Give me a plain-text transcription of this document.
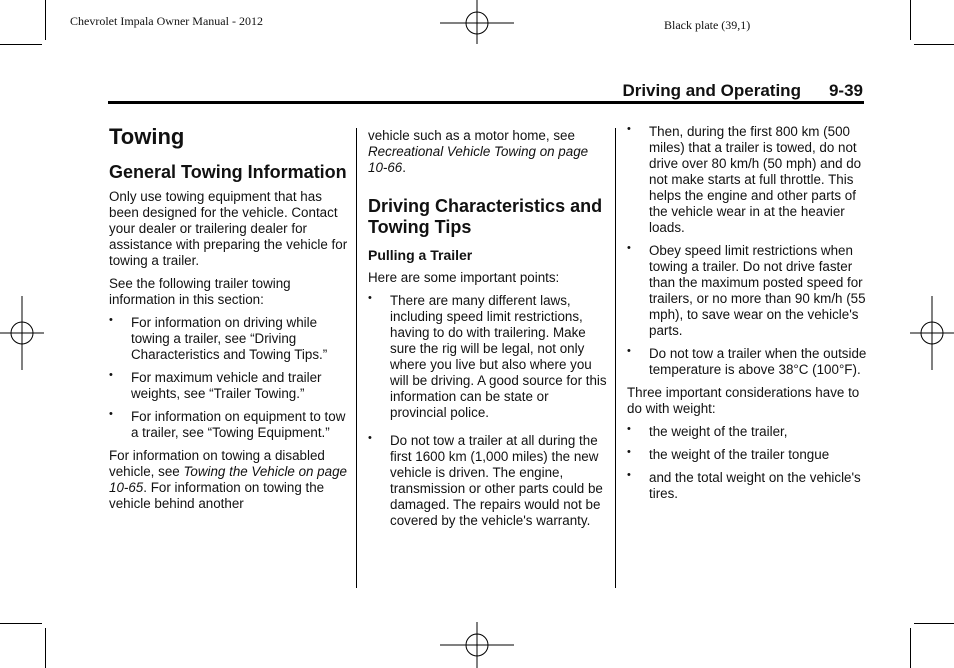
Chevrolet Impala Owner Manual - 2012	Black plate (39,1)
Driving and Operating 9-39
Towing
General Towing Information

Only use towing equipment that has been designed for the vehicle. Contact your dealer or trailering dealer for assistance with preparing the vehicle for towing a trailer.

See the following trailer towing information in this section:

• For information on driving while towing a trailer, see “Driving Characteristics and Towing Tips.”
• For maximum vehicle and trailer weights, see “Trailer Towing.”
• For information on equipment to tow a trailer, see “Towing Equipment.”

For information on towing a disabled vehicle, see Towing the Vehicle on page 10-65. For information on towing the vehicle behind another

vehicle such as a motor home, see Recreational Vehicle Towing on page 10-66.

Driving Characteristics and Towing Tips
Pulling a Trailer

Here are some important points:

• There are many different laws, including speed limit restrictions, having to do with trailering. Make sure the rig will be legal, not only where you live but also where you will be driving. A good source for this information can be state or provincial police.
• Do not tow a trailer at all during the first 1600 km (1,000 miles) the new vehicle is driven. The engine, transmission or other parts could be damaged. The repairs would not be covered by the vehicle's warranty.
• Then, during the first 800 km (500 miles) that a trailer is towed, do not drive over 80 km/h (50 mph) and do not make starts at full throttle. This helps the engine and other parts of the vehicle wear in at the heavier loads.
• Obey speed limit restrictions when towing a trailer. Do not drive faster than the maximum posted speed for trailers, or no more than 90 km/h (55 mph), to save wear on the vehicle's parts.
• Do not tow a trailer when the outside temperature is above 38°C (100°F).

Three important considerations have to do with weight:

• the weight of the trailer,
• the weight of the trailer tongue
• and the total weight on the vehicle's tires.
